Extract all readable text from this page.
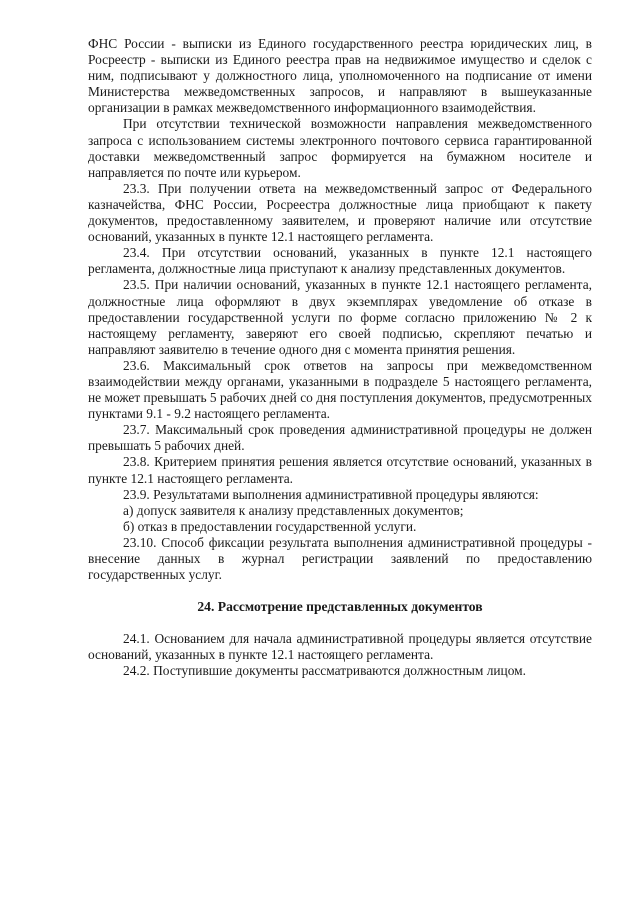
ФНС России - выписки из Единого государственного реестра юридических лиц, в Росреестр - выписки из Единого реестра прав на недвижимое имущество и сделок с ним, подписывают у должностного лица, уполномоченного на подписание от имени Министерства межведомственных запросов, и направляют в вышеуказанные организации в рамках межведомственного информационного взаимодействия.

При отсутствии технической возможности направления межведомственного запроса с использованием системы электронного почтового сервиса гарантированной доставки межведомственный запрос формируется на бумажном носителе и направляется по почте или курьером.

23.3. При получении ответа на межведомственный запрос от Федерального казначейства, ФНС России, Росреестра должностные лица приобщают к пакету документов, предоставленному заявителем, и проверяют наличие или отсутствие оснований, указанных в пункте 12.1 настоящего регламента.

23.4. При отсутствии оснований, указанных в пункте 12.1 настоящего регламента, должностные лица приступают к анализу представленных документов.

23.5. При наличии оснований, указанных в пункте 12.1 настоящего регламента, должностные лица оформляют в двух экземплярах уведомление об отказе в предоставлении государственной услуги по форме согласно приложению № 2 к настоящему регламенту, заверяют его своей подписью, скрепляют печатью и направляют заявителю в течение одного дня с момента принятия решения.

23.6. Максимальный срок ответов на запросы при межведомственном взаимодействии между органами, указанными в подразделе 5 настоящего регламента, не может превышать 5 рабочих дней со дня поступления документов, предусмотренных пунктами 9.1 - 9.2 настоящего регламента.

23.7. Максимальный срок проведения административной процедуры не должен превышать 5 рабочих дней.

23.8. Критерием принятия решения является отсутствие оснований, указанных в пункте 12.1 настоящего регламента.

23.9. Результатами выполнения административной процедуры являются:

а) допуск заявителя к анализу представленных документов;

б) отказ в предоставлении государственной услуги.

23.10. Способ фиксации результата выполнения административной процедуры - внесение данных в журнал регистрации заявлений по предоставлению государственных услуг.

24. Рассмотрение представленных документов

24.1. Основанием для начала административной процедуры является отсутствие оснований, указанных в пункте 12.1 настоящего регламента.

24.2. Поступившие документы рассматриваются должностным лицом.
